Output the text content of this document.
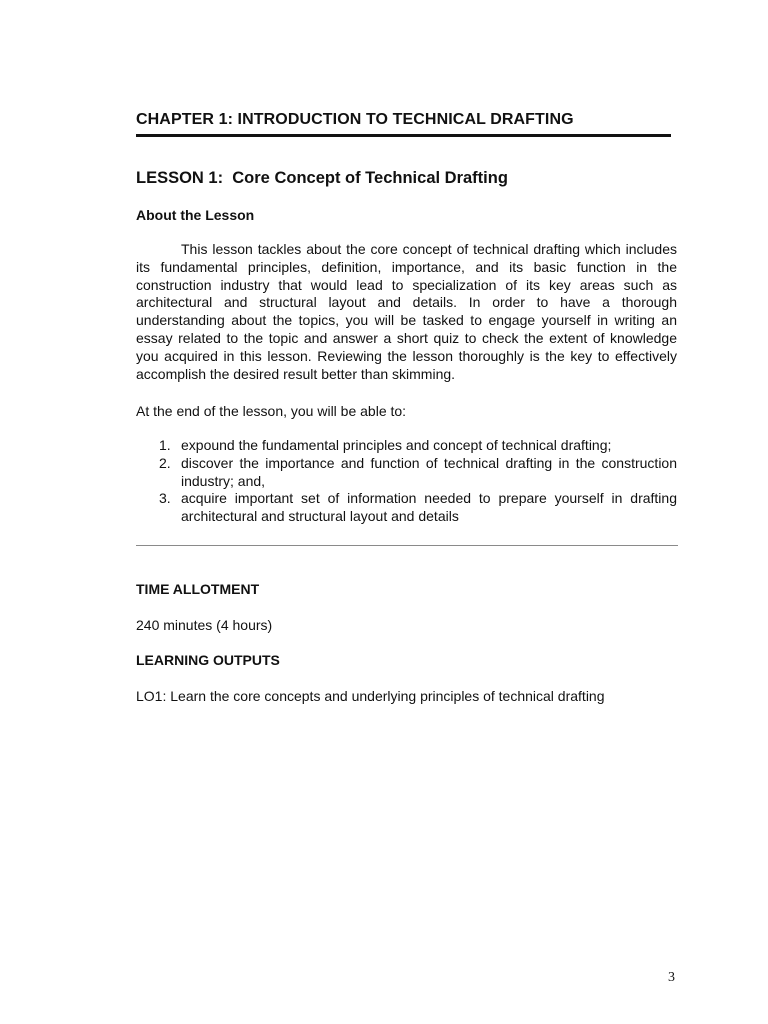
CHAPTER 1: INTRODUCTION TO TECHNICAL DRAFTING
LESSON 1:  Core Concept of Technical Drafting
About the Lesson

This lesson tackles about the core concept of technical drafting which includes its fundamental principles, definition, importance, and its basic function in the construction industry that would lead to specialization of its key areas such as architectural and structural layout and details. In order to have a thorough understanding about the topics, you will be tasked to engage yourself in writing an essay related to the topic and answer a short quiz to check the extent of knowledge you acquired in this lesson. Reviewing the lesson thoroughly is the key to effectively accomplish the desired result better than skimming.

At the end of the lesson, you will be able to:

1. expound the fundamental principles and concept of technical drafting;
2. discover the importance and function of technical drafting in the construction industry; and,
3. acquire important set of information needed to prepare yourself in drafting architectural and structural layout and details
TIME ALLOTMENT

240 minutes (4 hours)

LEARNING OUTPUTS

LO1: Learn the core concepts and underlying principles of technical drafting

3
